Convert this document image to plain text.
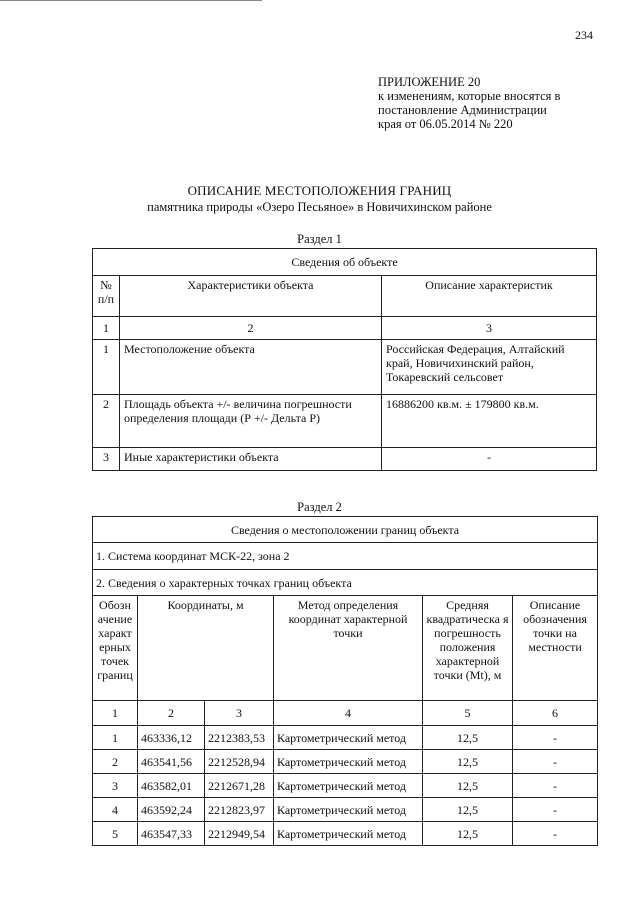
234
ПРИЛОЖЕНИЕ 20
к изменениям, которые вносятся в
постановление Администрации
края от 06.05.2014 № 220
ОПИСАНИЕ МЕСТОПОЛОЖЕНИЯ ГРАНИЦ
памятника природы «Озеро Песьяное» в Новичихинском районе
Раздел 1
Сведения об объекте		
№ п/п	Характеристики объекта	Описание характеристик
1	2	3
1	Местоположение объекта	Российская Федерация, Алтайский край, Новичихинский район, Токаревский сельсовет
2	Площадь объекта +/- величина погрешности определения площади (Р +/- Дельта Р)	16886200 кв.м. ± 179800 кв.м.
3	Иные характеристики объекта	-
Раздел 2
Сведения о местоположении границ объекта					
1. Система координат МСК-22, зона 2					
2. Сведения о характерных точках границ объекта					
Обозн ачение характ ерных точек границ	Координаты, м		Метод определения координат характерной точки	Средняя квадратическа я погрешность положения характерной точки (Mt), м	Описание обозначения точки на местности
1	2	3	4	5	6
1	463336,12	2212383,53	Картометрический метод	12,5	-
2	463541,56	2212528,94	Картометрический метод	12,5	-
3	463582,01	2212671,28	Картометрический метод	12,5	-
4	463592,24	2212823,97	Картометрический метод	12,5	-
5	463547,33	2212949,54	Картометрический метод	12,5	-
